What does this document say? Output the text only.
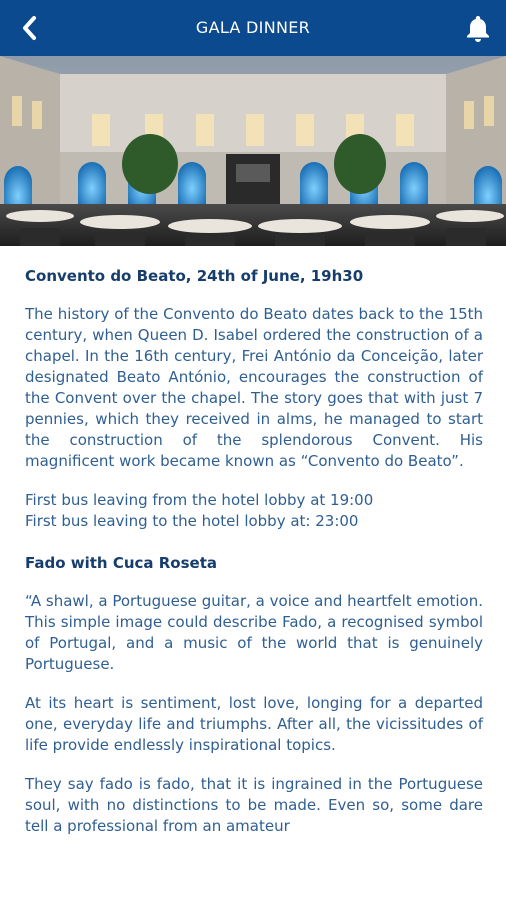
GALA DINNER

Convento do Beato, 24th of June, 19h30

The history of the Convento do Beato dates back to the 15th century, when Queen D. Isabel ordered the construction of a chapel. In the 16th century, Frei António da Conceição, later designated Beato António, encourages the construction of the Convent over the chapel. The story goes that with just 7 pennies, which they received in alms, he managed to start the construction of the splendorous Convent. His magnificent work became known as “Convento do Beato”.

First bus leaving from the hotel lobby at 19:00

First bus leaving to the hotel lobby at: 23:00

Fado with Cuca Roseta

“A shawl, a Portuguese guitar, a voice and heartfelt emotion. This simple image could describe Fado, a recognised symbol of Portugal, and a music of the world that is genuinely Portuguese.

At its heart is sentiment, lost love, longing for a departed one, everyday life and triumphs. After all, the vicissitudes of life provide endlessly inspirational topics.

They say fado is fado, that it is ingrained in the Portuguese soul, with no distinctions to be made. Even so, some dare tell a professional from an amateur
